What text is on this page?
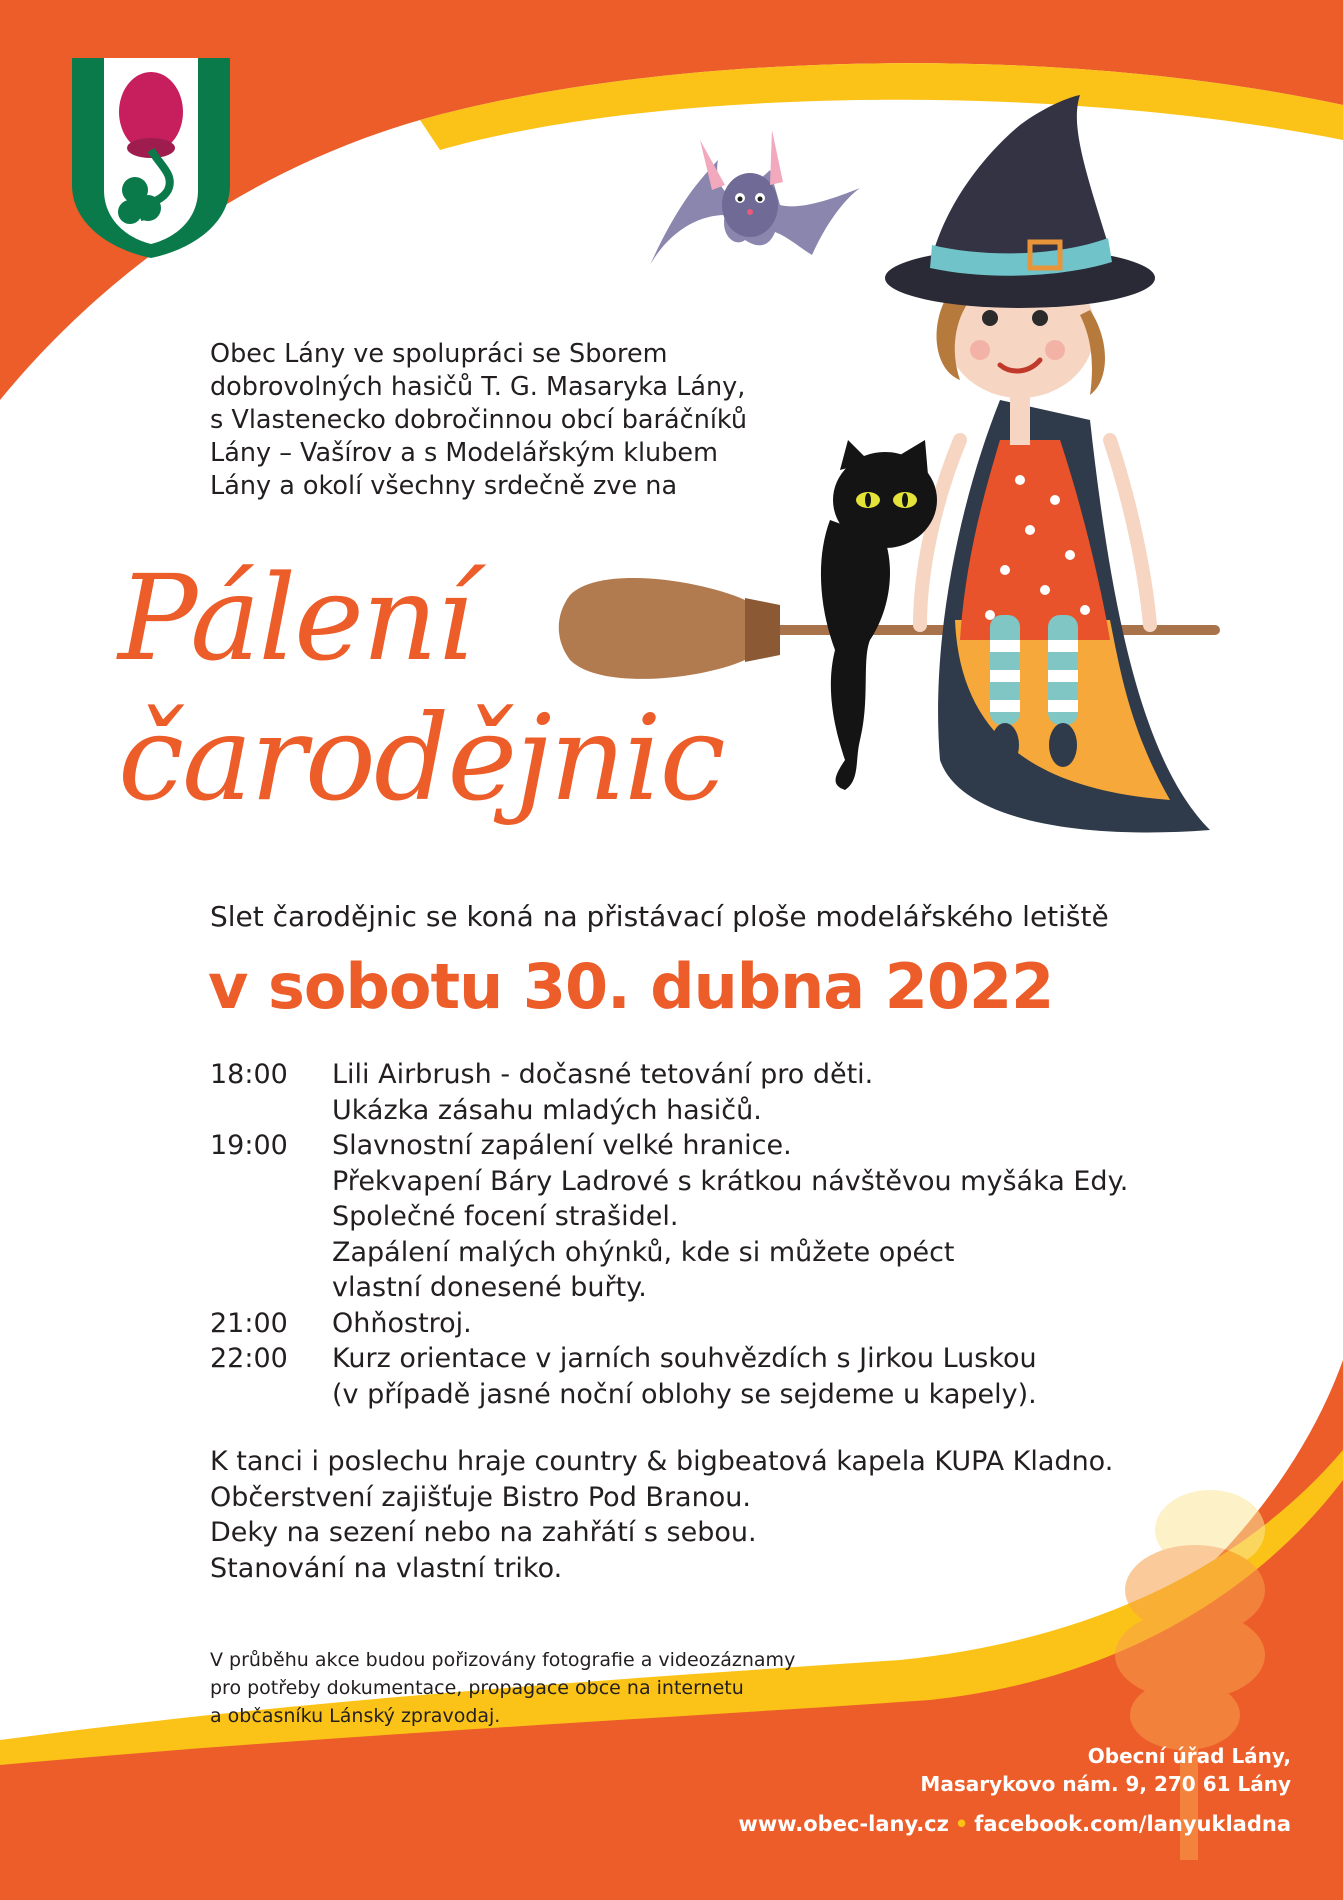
Obec Lány ve spolupráci se Sborem
dobrovolných hasičů T. G. Masaryka Lány,
s Vlastenecko dobročinnou obcí baráčníků
Lány – Vašírov a s Modelářským klubem
Lány a okolí všechny srdečně zve na
Pálení
čarodějnic
Slet čarodějnic se koná na přistávací ploše modelářského letiště
v sobotu 30. dubna 2022
18:00	Lili Airbrush - dočasné tetování pro děti.
Ukázka zásahu mladých hasičů.
19:00	Slavnostní zapálení velké hranice.
Překvapení Báry Ladrové s krátkou návštěvou myšáka Edy.
Společné focení strašidel.
Zapálení malých ohýnků, kde si můžete opéct
vlastní donesené buřty.
21:00	Ohňostroj.
22:00	Kurz orientace v jarních souhvězdích s Jirkou Luskou
(v případě jasné noční oblohy se sejdeme u kapely).
K tanci i poslechu hraje country & bigbeatová kapela KUPA Kladno.
Občerstvení zajišťuje Bistro Pod Branou.
Deky na sezení nebo na zahřátí s sebou.
Stanování na vlastní triko.
V průběhu akce budou pořizovány fotografie a videozáznamy
pro potřeby dokumentace, propagace obce na internetu
a občasníku Lánský zpravodaj.
Obecní úřad Lány,
Masarykovo nám. 9, 270 61 Lány
www.obec-lany.cz • facebook.com/lanyukladna
